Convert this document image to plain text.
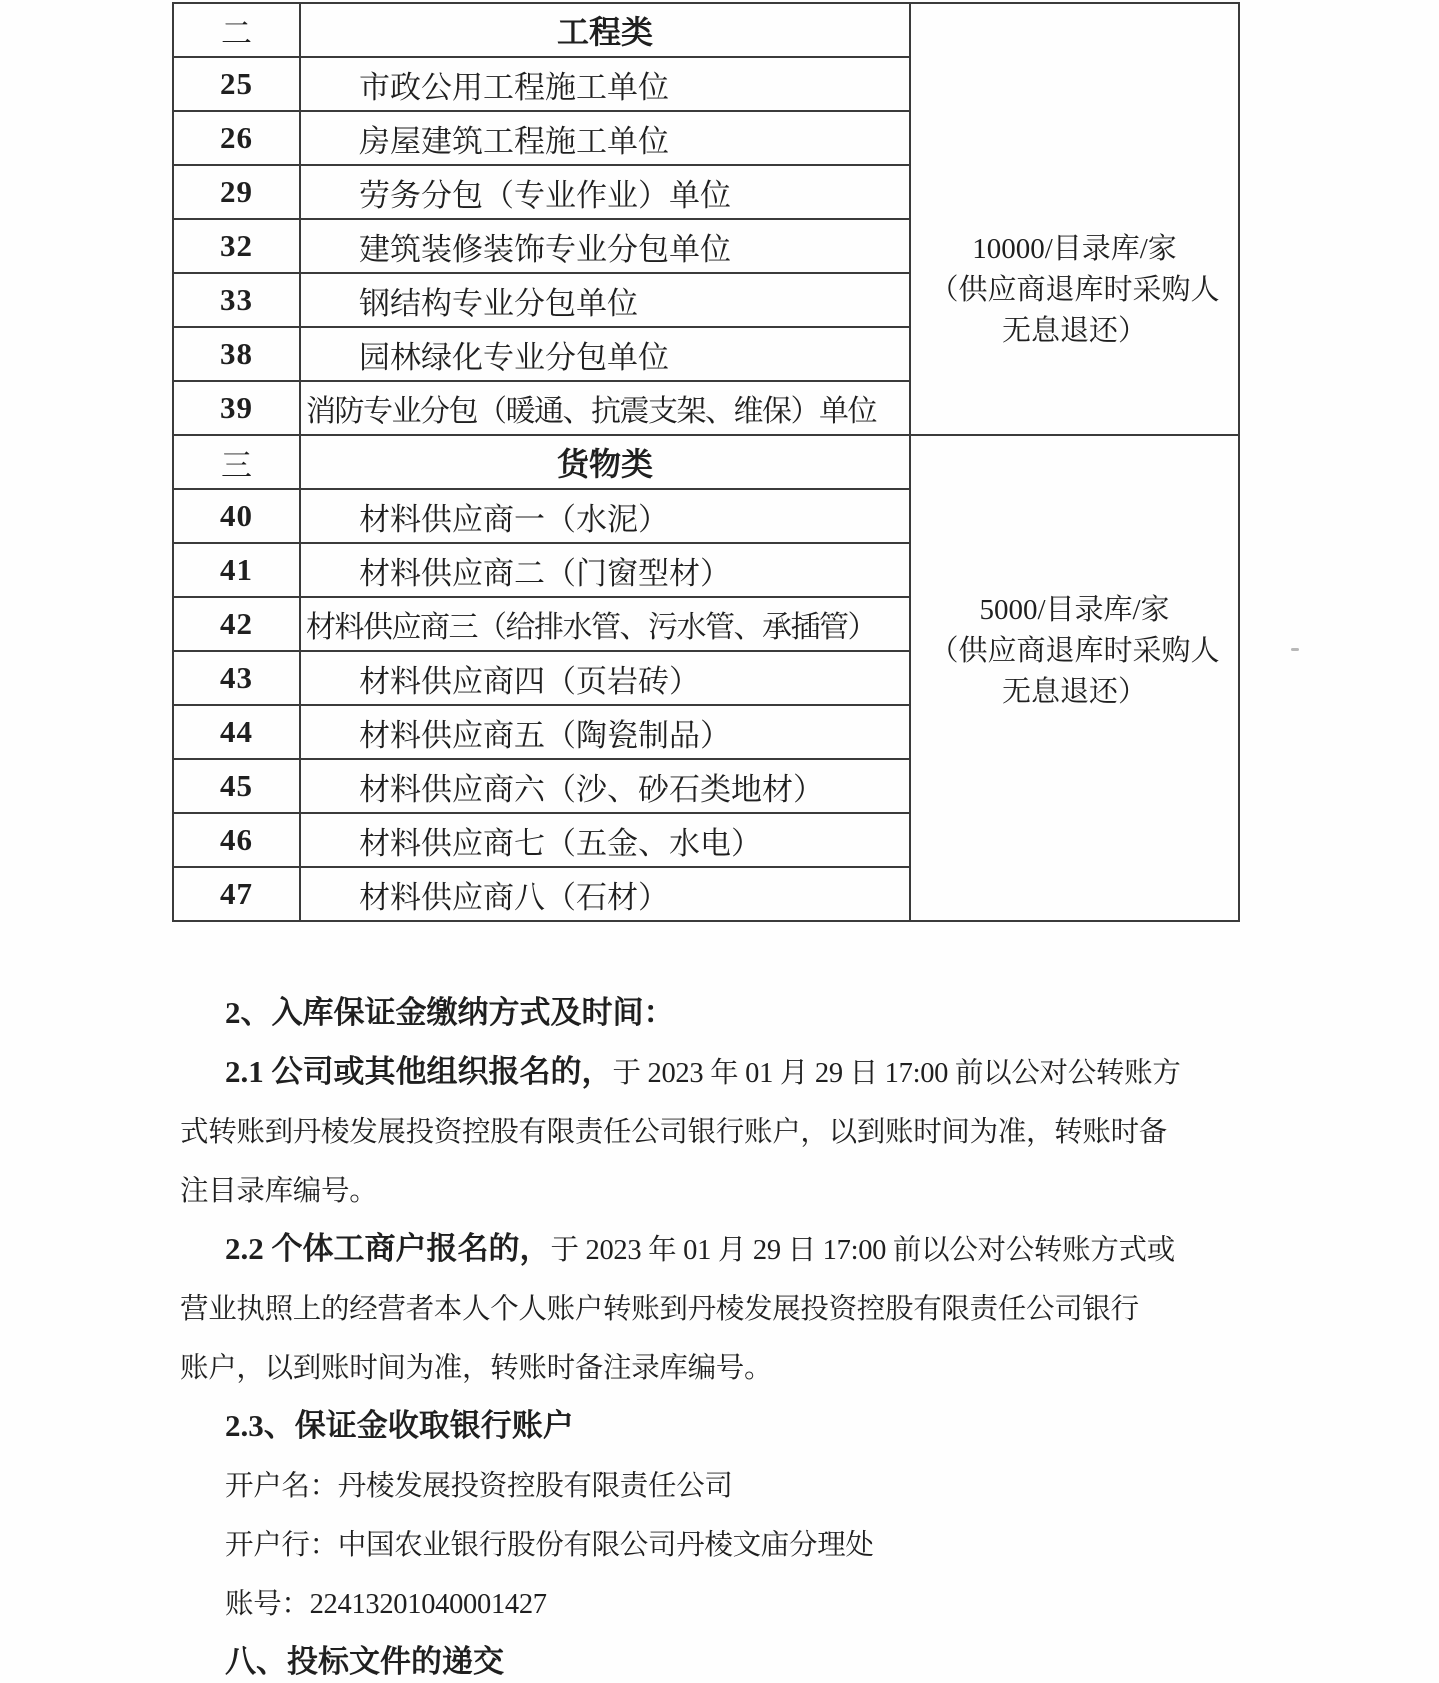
二	工程类	10000/目录库/家
（供应商退库时采购人
无息退还）

25	市政公用工程施工单位	
26	房屋建筑工程施工单位	
29	劳务分包（专业作业）单位	
32	建筑装修装饰专业分包单位	
33	钢结构专业分包单位	
38	园林绿化专业分包单位	
39	消防专业分包（暖通、抗震支架、维保）单位	
三	货物类	5000/目录库/家
（供应商退库时采购人
无息退还）

40	材料供应商一（水泥）	
41	材料供应商二（门窗型材）	
42	材料供应商三（给排水管、污水管、承插管）	
43	材料供应商四（页岩砖）	
44	材料供应商五（陶瓷制品）	
45	材料供应商六（沙、砂石类地材）	
46	材料供应商七（五金、水电）	
47	材料供应商八（石材）	
2、入库保证金缴纳方式及时间：
2.1 公司或其他组织报名的，于 2023 年 01 月 29 日 17:00 前以公对公转账方
式转账到丹棱发展投资控股有限责任公司银行账户，以到账时间为准，转账时备
注目录库编号。
2.2 个体工商户报名的，于 2023 年 01 月 29 日 17:00 前以公对公转账方式或
营业执照上的经营者本人个人账户转账到丹棱发展投资控股有限责任公司银行
账户，以到账时间为准，转账时备注录库编号。
2.3、保证金收取银行账户
开户名：丹棱发展投资控股有限责任公司
开户行：中国农业银行股份有限公司丹棱文庙分理处
账号：22413201040001427
八、投标文件的递交
